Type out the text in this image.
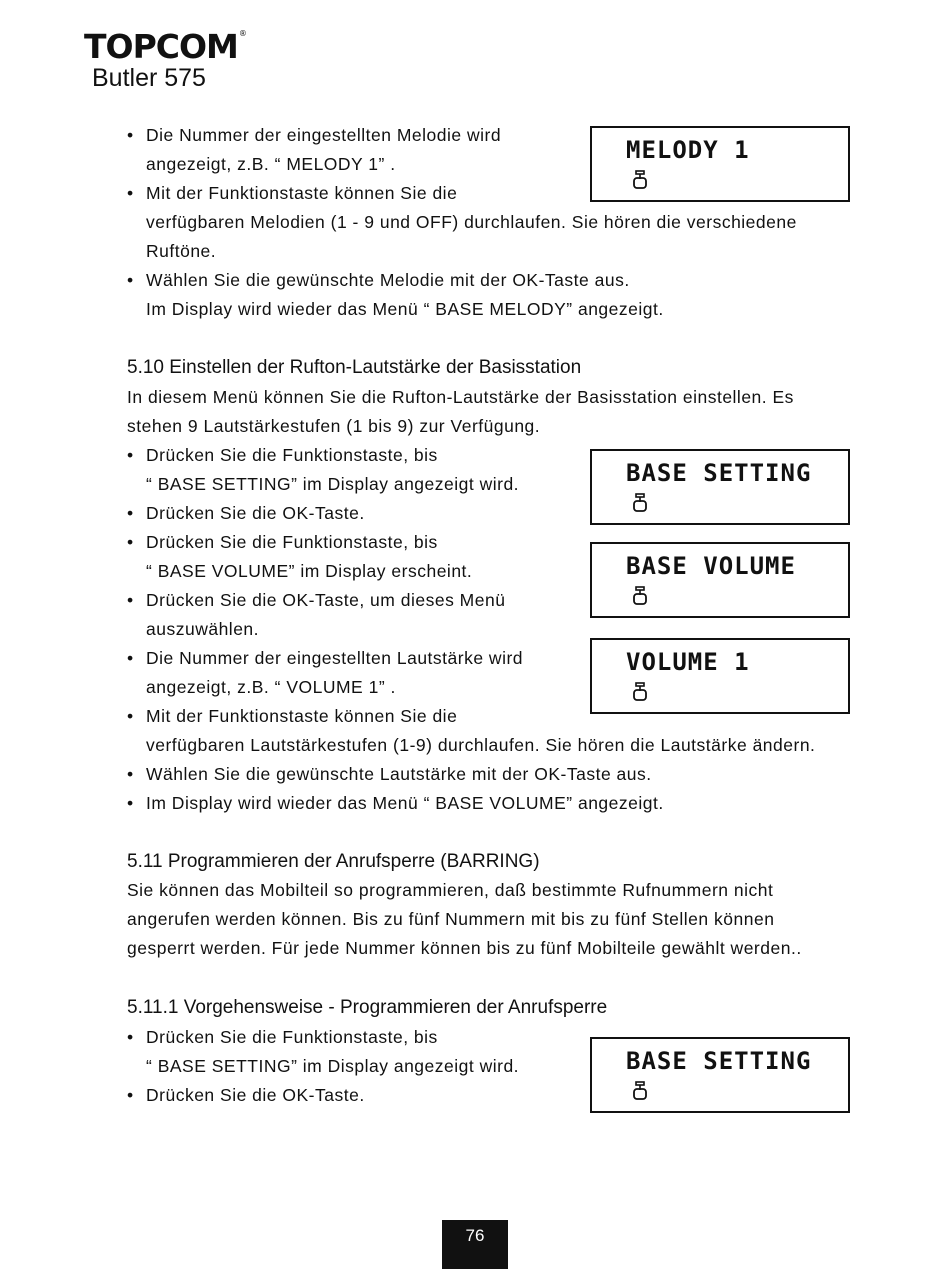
TOPCOM®
Butler 575
• Die Nummer der eingestellten Melodie wird
angezeigt, z.B. “ MELODY 1” .
• Mit der Funktionstaste können Sie die
verfügbaren Melodien (1 - 9 und OFF) durchlaufen. Sie hören die verschiedene
Ruftöne.
• Wählen Sie die gewünschte Melodie mit der OK-Taste aus.
Im Display wird wieder das Menü “ BASE MELODY” angezeigt.
5.10 Einstellen der Rufton-Lautstärke der Basisstation
In diesem Menü können Sie die Rufton-Lautstärke der Basisstation einstellen. Es
stehen 9 Lautstärkestufen (1 bis 9) zur Verfügung.
• Drücken Sie die Funktionstaste, bis
“ BASE SETTING” im Display angezeigt wird.
• Drücken Sie die OK-Taste.
• Drücken Sie die Funktionstaste, bis
“ BASE VOLUME” im Display erscheint.
• Drücken Sie die OK-Taste, um dieses Menü
auszuwählen.
• Die Nummer der eingestellten Lautstärke wird
angezeigt, z.B. “ VOLUME 1” .
• Mit der Funktionstaste können Sie die
verfügbaren Lautstärkestufen (1-9) durchlaufen. Sie hören die Lautstärke ändern.
• Wählen Sie die gewünschte Lautstärke mit der OK-Taste aus.
• Im Display wird wieder das Menü “ BASE VOLUME” angezeigt.
5.11 Programmieren der Anrufsperre (BARRING)
Sie können das Mobilteil so programmieren, daß bestimmte Rufnummern nicht
angerufen werden können. Bis zu fünf Nummern mit bis zu fünf Stellen können
gesperrt werden. Für jede Nummer können bis zu fünf Mobilteile gewählt werden..
5.11.1 Vorgehensweise - Programmieren der Anrufsperre
• Drücken Sie die Funktionstaste, bis
“ BASE SETTING” im Display angezeigt wird.
• Drücken Sie die OK-Taste.
MELODY 1
BASE SETTING
BASE VOLUME
VOLUME 1
BASE SETTING
76
